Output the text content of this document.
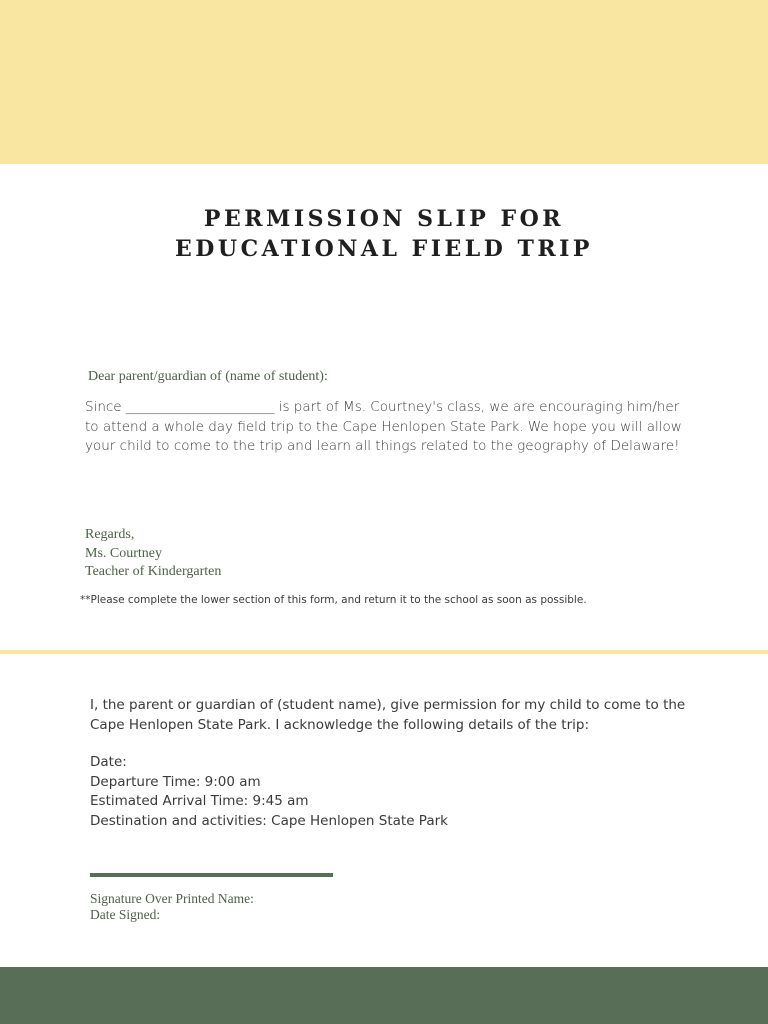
PERMISSION SLIP FOR
EDUCATIONAL FIELD TRIP
Dear parent/guardian of (name of student):

Since ______________________ is part of Ms. Courtney's class, we are encouraging him/her to attend a whole day field trip to the Cape Henlopen State Park. We hope you will allow your child to come to the trip and learn all things related to the geography of Delaware!

Regards,
Ms. Courtney
Teacher of Kindergarten
**Please complete the lower section of this form, and return it to the school as soon as possible.

I, the parent or guardian of (student name), give permission for my child to come to the Cape Henlopen State Park. I acknowledge the following details of the trip:

Date:
Departure Time: 9:00 am
Estimated Arrival Time: 9:45 am
Destination and activities: Cape Henlopen State Park
Signature Over Printed Name:
Date Signed:
